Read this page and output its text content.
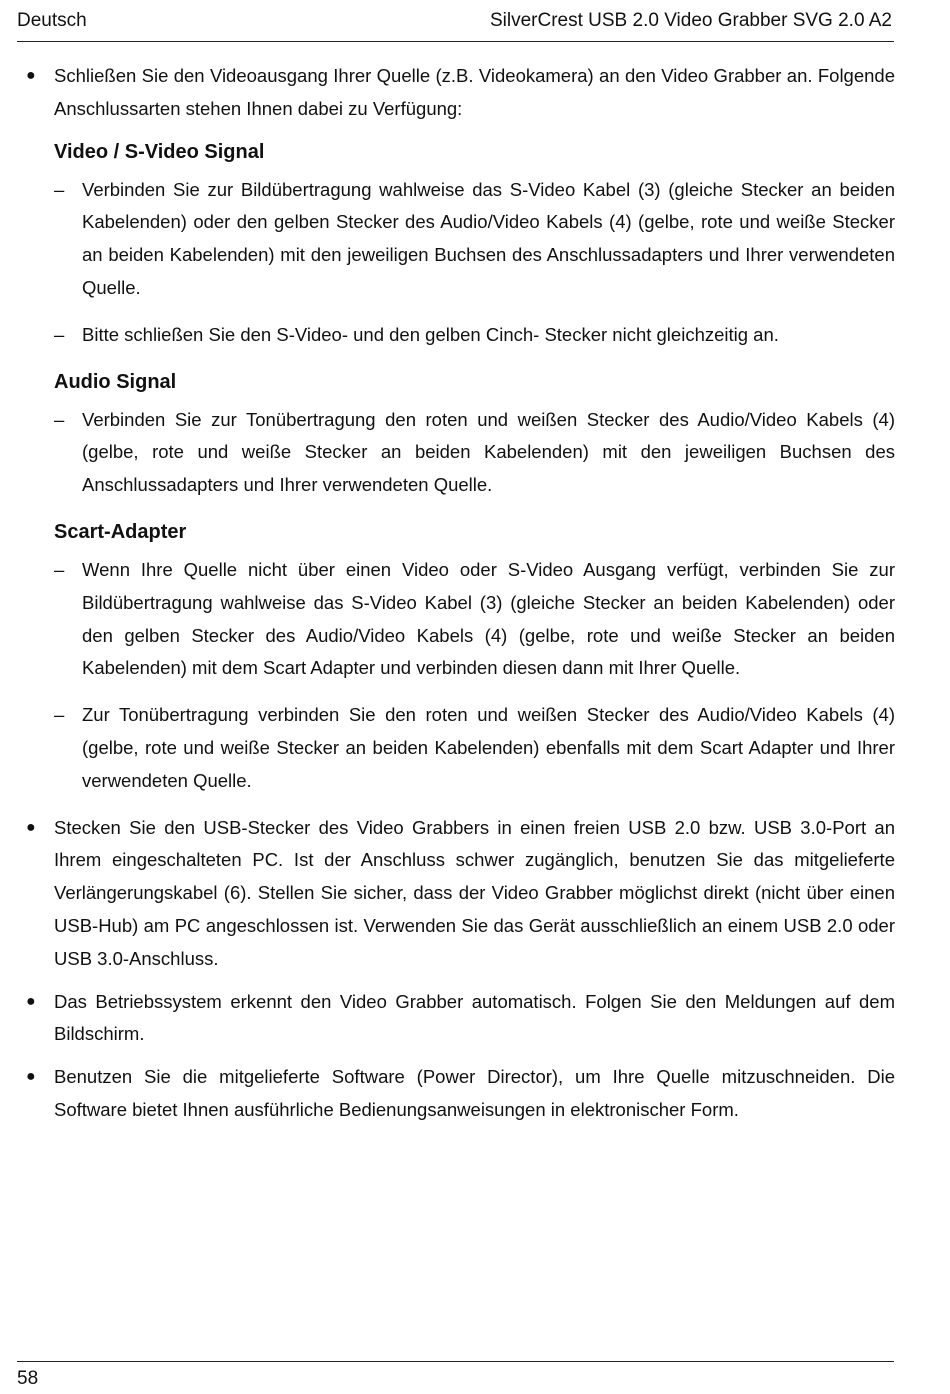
Deutsch	SilverCrest USB 2.0 Video Grabber SVG 2.0 A2
● Schließen Sie den Videoausgang Ihrer Quelle (z.B. Videokamera) an den Video Grabber an. Folgende Anschlussarten stehen Ihnen dabei zu Verfügung:

Video / S-Video Signal
– Verbinden Sie zur Bildübertragung wahlweise das S-Video Kabel (3) (gleiche Stecker an beiden Kabelenden) oder den gelben Stecker des Audio/Video Kabels (4) (gelbe, rote und weiße Stecker an beiden Kabelenden) mit den jeweiligen Buchsen des Anschlussadapters und Ihrer verwendeten Quelle.

– Bitte schließen Sie den S-Video- und den gelben Cinch- Stecker nicht gleichzeitig an.

Audio Signal
– Verbinden Sie zur Tonübertragung den roten und weißen Stecker des Audio/Video Kabels (4) (gelbe, rote und weiße Stecker an beiden Kabelenden) mit den jeweiligen Buchsen des Anschlussadapters und Ihrer verwendeten Quelle.

Scart-Adapter
– Wenn Ihre Quelle nicht über einen Video oder S-Video Ausgang verfügt, verbinden Sie zur Bildübertragung wahlweise das S-Video Kabel (3) (gleiche Stecker an beiden Kabelenden) oder den gelben Stecker des Audio/Video Kabels (4) (gelbe, rote und weiße Stecker an beiden Kabelenden) mit dem Scart Adapter und verbinden diesen dann mit Ihrer Quelle.

– Zur Tonübertragung verbinden Sie den roten und weißen Stecker des Audio/Video Kabels (4) (gelbe, rote und weiße Stecker an beiden Kabelenden) ebenfalls mit dem Scart Adapter und Ihrer verwendeten Quelle.

● Stecken Sie den USB-Stecker des Video Grabbers in einen freien USB 2.0 bzw. USB 3.0-Port an Ihrem eingeschalteten PC. Ist der Anschluss schwer zugänglich, benutzen Sie das mitgelieferte Verlängerungskabel (6). Stellen Sie sicher, dass der Video Grabber möglichst direkt (nicht über einen USB-Hub) am PC angeschlossen ist. Verwenden Sie das Gerät ausschließlich an einem USB 2.0 oder USB 3.0-Anschluss.

● Das Betriebssystem erkennt den Video Grabber automatisch. Folgen Sie den Meldungen auf dem Bildschirm.

● Benutzen Sie die mitgelieferte Software (Power Director), um Ihre Quelle mitzuschneiden. Die Software bietet Ihnen ausführliche Bedienungsanweisungen in elektronischer Form.

58
